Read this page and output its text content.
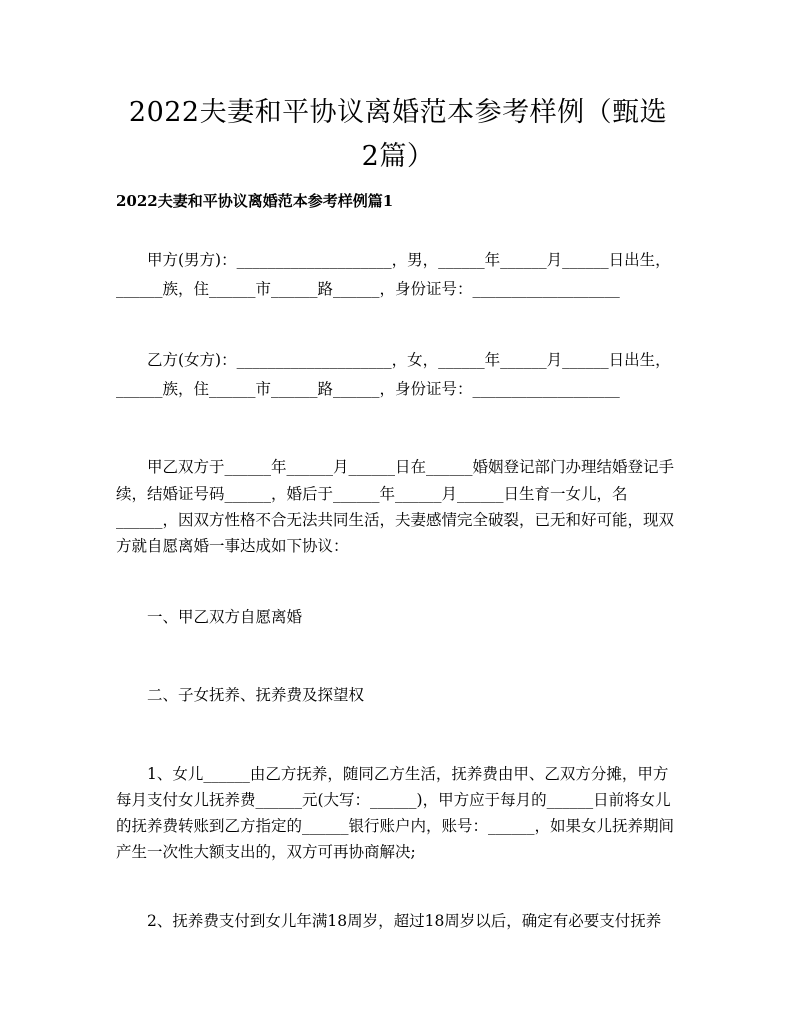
2022夫妻和平协议离婚范本参考样例（甄选
2篇）

2022夫妻和平协议离婚范本参考样例篇1

　　甲方(男方)：____________________，男，______年______月______日出生，

______族，住______市______路______，身份证号：___________________

　　乙方(女方)：____________________，女，______年______月______日出生，

______族，住______市______路______，身份证号：___________________

　　甲乙双方于______年______月______日在______婚姻登记部门办理结婚登记手

续，结婚证号码______，婚后于______年______月______日生育一女儿，名

______，因双方性格不合无法共同生活，夫妻感情完全破裂，已无和好可能，现双

方就自愿离婚一事达成如下协议：

　　一、甲乙双方自愿离婚

　　二、子女抚养、抚养费及探望权

　　1、女儿______由乙方抚养，随同乙方生活，抚养费由甲、乙双方分摊，甲方

每月支付女儿抚养费______元(大写：______)，甲方应于每月的______日前将女儿

的抚养费转账到乙方指定的______银行账户内，账号：______，如果女儿抚养期间

产生一次性大额支出的，双方可再协商解决;

　　2、抚养费支付到女儿年满18周岁，超过18周岁以后，确定有必要支付抚养
